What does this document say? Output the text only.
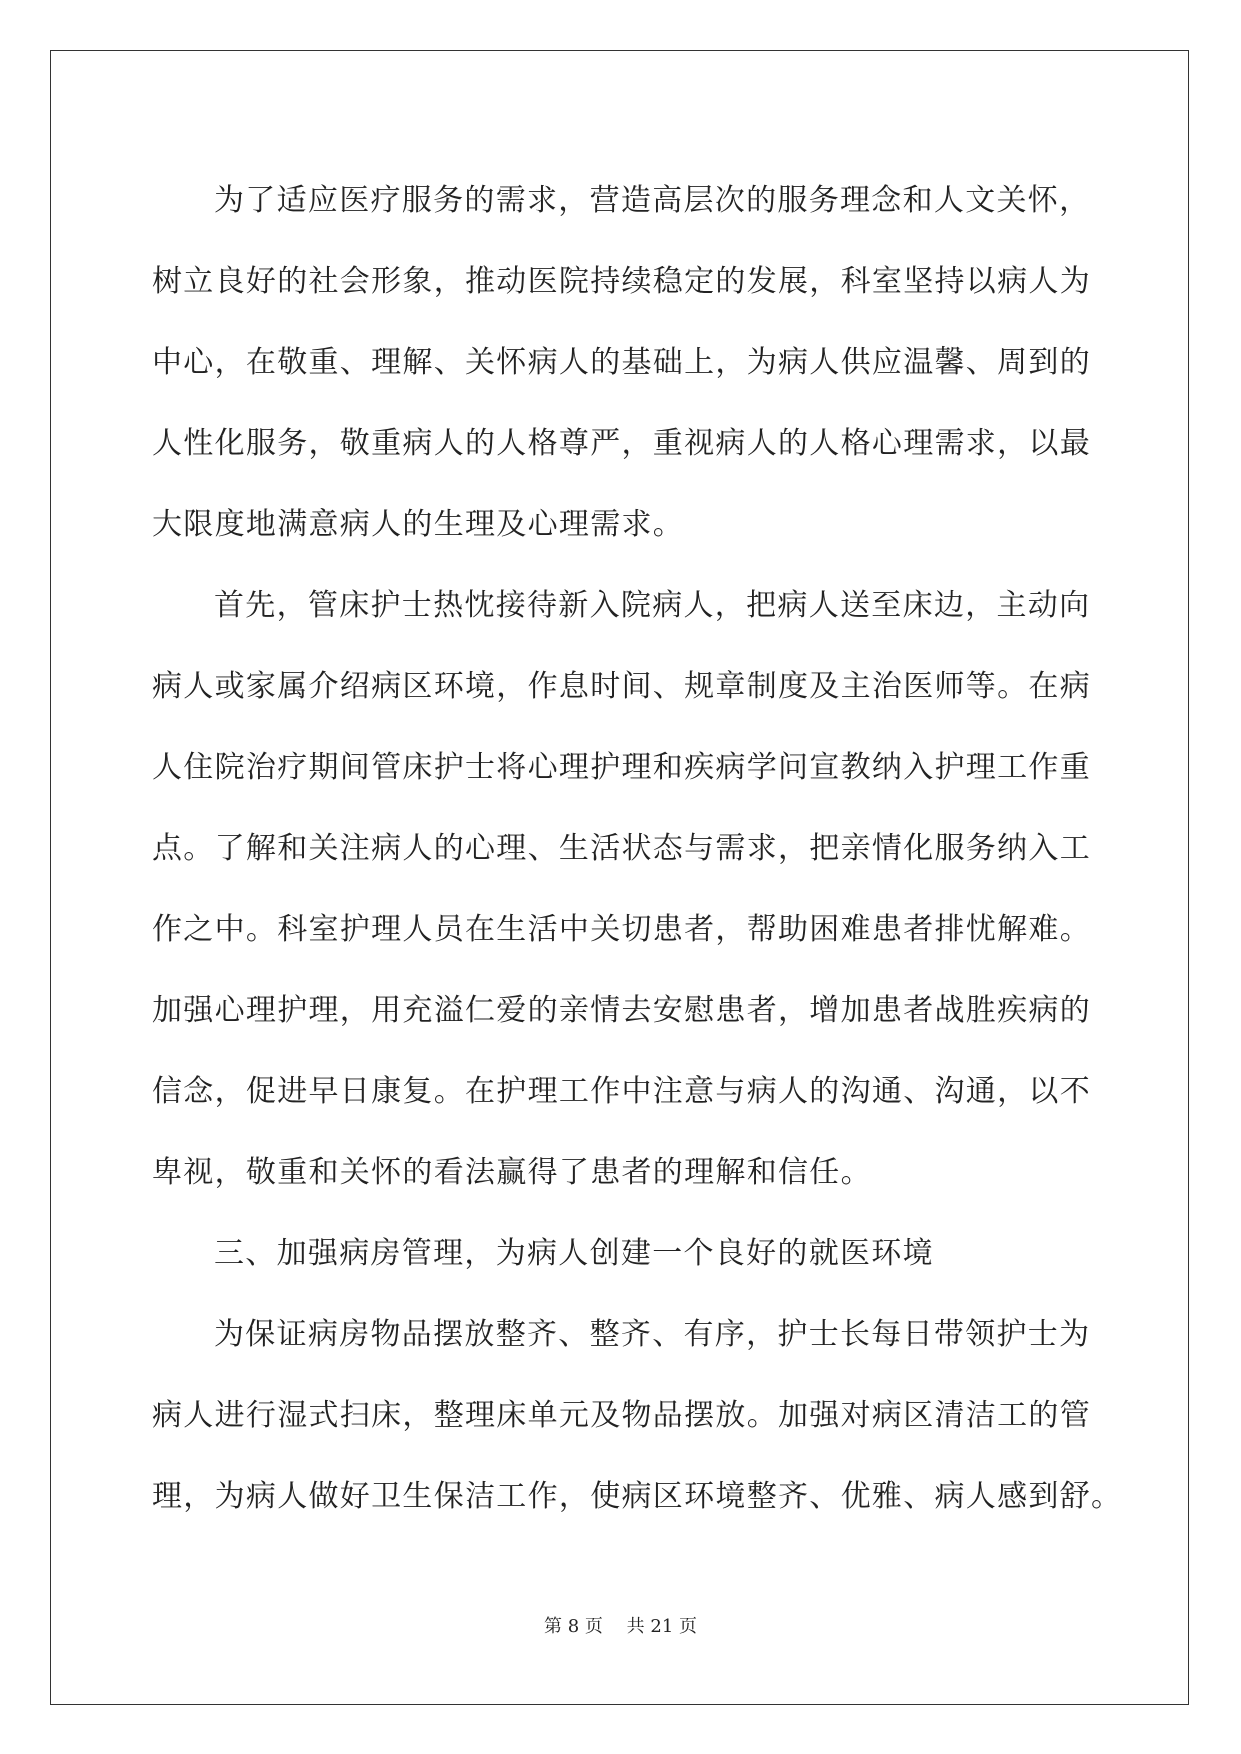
为了适应医疗服务的需求，营造高层次的服务理念和人文关怀，
树立良好的社会形象，推动医院持续稳定的发展，科室坚持以病人为
中心，在敬重、理解、关怀病人的基础上，为病人供应温馨、周到的
人性化服务，敬重病人的人格尊严，重视病人的人格心理需求，以最
大限度地满意病人的生理及心理需求。
首先，管床护士热忱接待新入院病人，把病人送至床边，主动向
病人或家属介绍病区环境，作息时间、规章制度及主治医师等。在病
人住院治疗期间管床护士将心理护理和疾病学问宣教纳入护理工作重
点。了解和关注病人的心理、生活状态与需求，把亲情化服务纳入工
作之中。科室护理人员在生活中关切患者，帮助困难患者排忧解难。
加强心理护理，用充溢仁爱的亲情去安慰患者，增加患者战胜疾病的
信念，促进早日康复。在护理工作中注意与病人的沟通、沟通，以不
卑视，敬重和关怀的看法赢得了患者的理解和信任。
三、加强病房管理，为病人创建一个良好的就医环境
为保证病房物品摆放整齐、整齐、有序，护士长每日带领护士为
病人进行湿式扫床，整理床单元及物品摆放。加强对病区清洁工的管
理，为病人做好卫生保洁工作，使病区环境整齐、优雅、病人感到舒。
第 8 页 共 21 页
